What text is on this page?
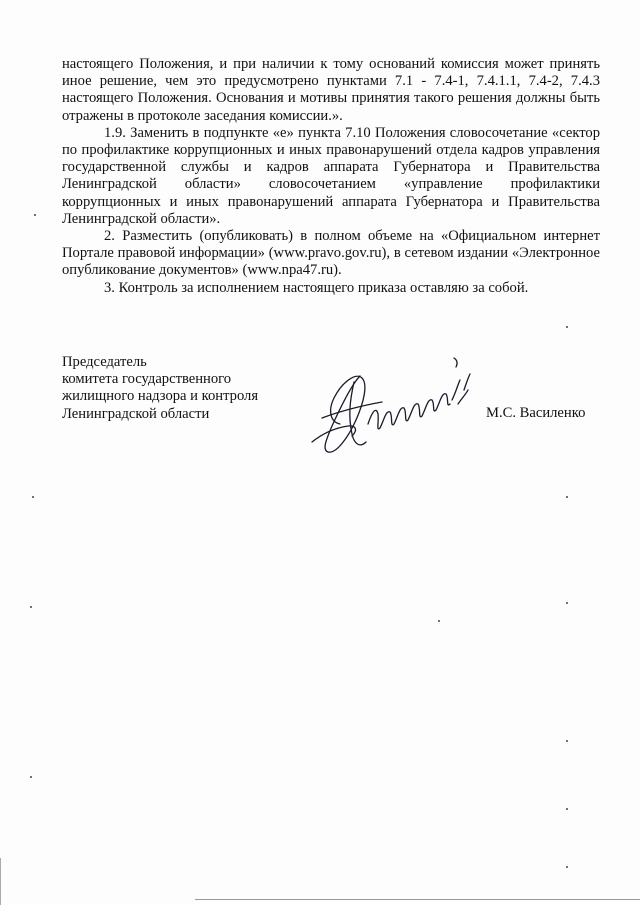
настоящего Положения, и при наличии к тому оснований комиссия может принять иное решение, чем это предусмотрено пунктами 7.1 - 7.4-1, 7.4.1.1, 7.4-2, 7.4.3 настоящего Положения. Основания и мотивы принятия такого решения должны быть отражены в протоколе заседания комиссии.».

1.9. Заменить в подпункте «е» пункта 7.10 Положения словосочетание «сектор по профилактике коррупционных и иных правонарушений отдела кадров управления государственной службы и кадров аппарата Губернатора и Правительства Ленинградской области» словосочетанием «управление профилактики коррупционных и иных правонарушений аппарата Губернатора и Правительства Ленинградской области».

2. Разместить (опубликовать) в полном объеме на «Официальном интернет Портале правовой информации» (www.pravo.gov.ru), в сетевом издании «Электронное опубликование документов» (www.npa47.ru).

3. Контроль за исполнением настоящего приказа оставляю за собой.

Председатель
комитета государственного
жилищного надзора и контроля
Ленинградской области	М.С. Василенко
